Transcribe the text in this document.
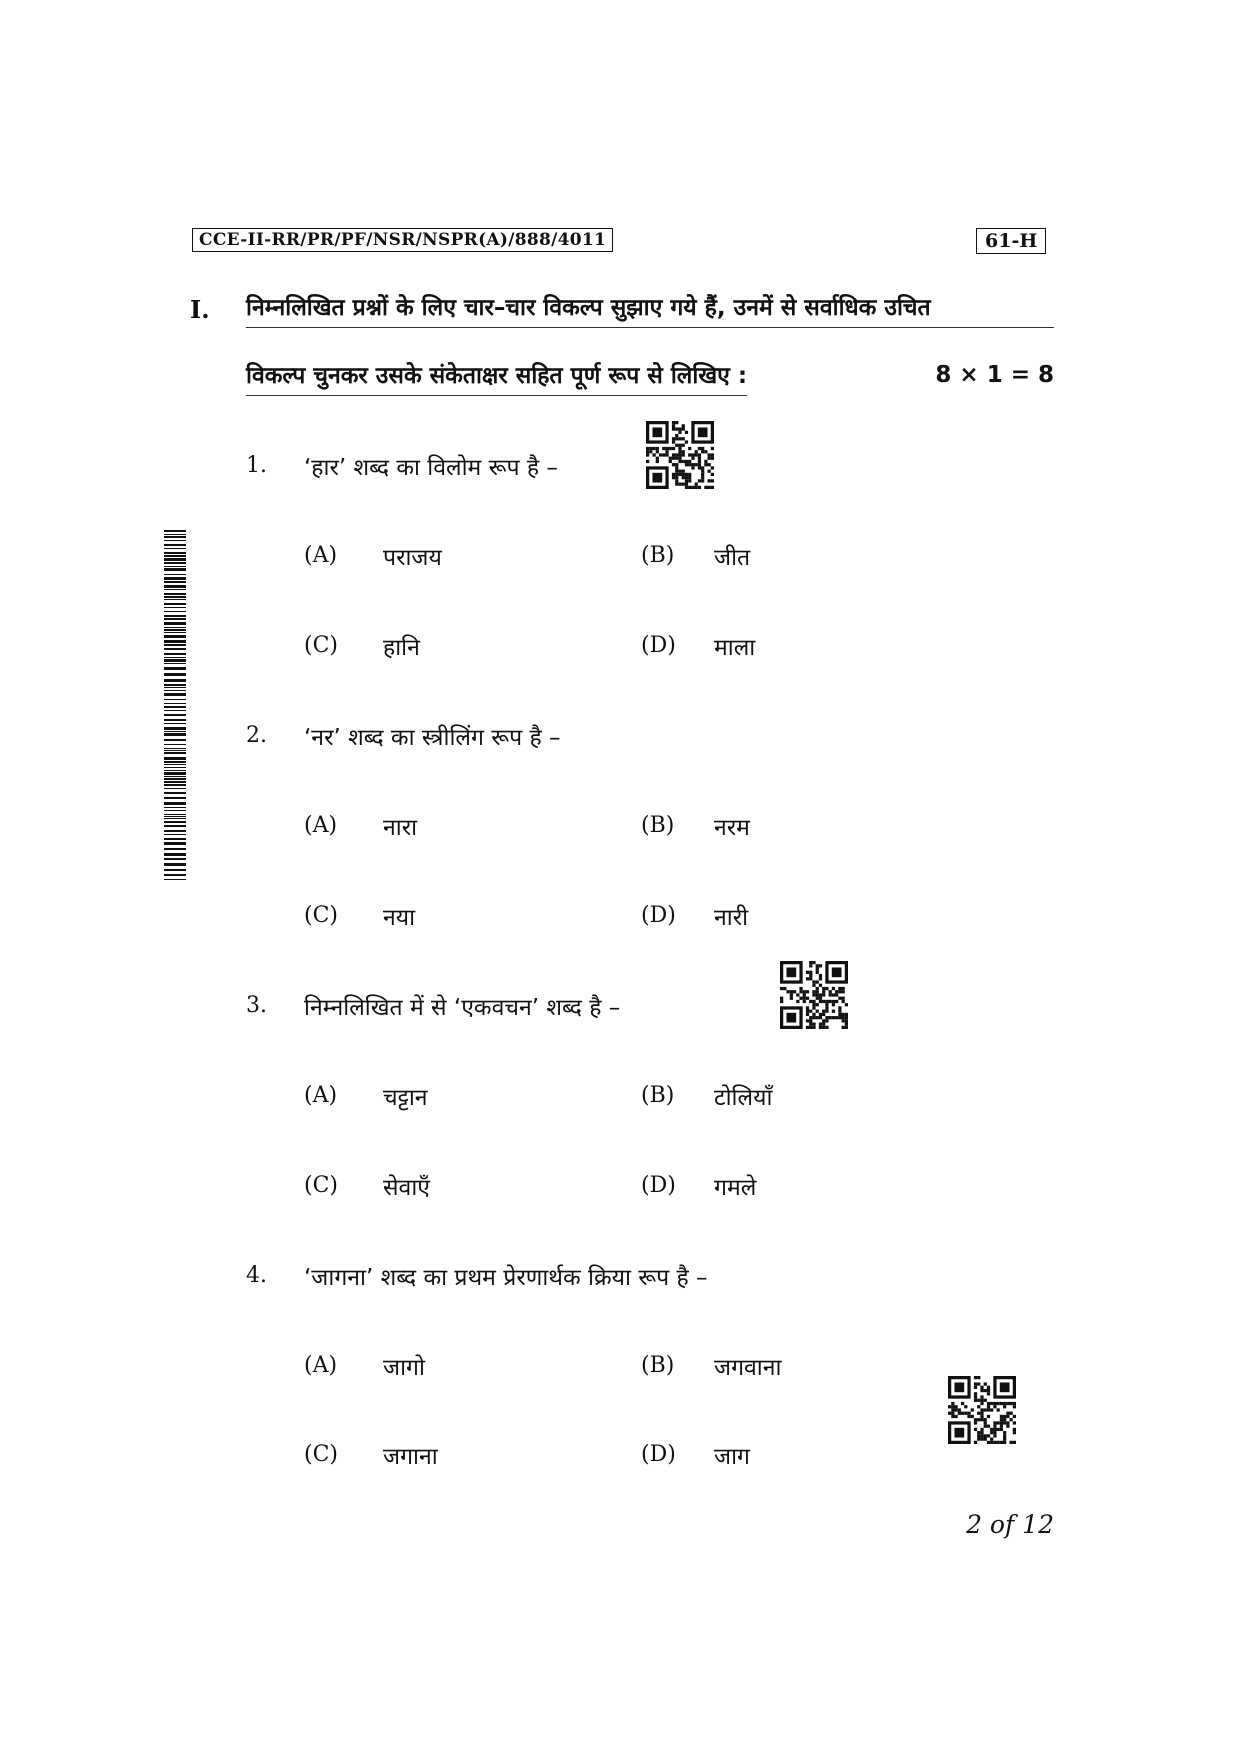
CCE-II-RR/PR/PF/NSR/NSPR(A)/888/4011	61-H
I. निम्नलिखित प्रश्नों के लिए चार–चार विकल्प सुझाए गये हैं, उनमें से सर्वाधिक उचित
विकल्प चुनकर उसके संकेताक्षर सहित पूर्ण रूप से लिखिए :	8 × 1 = 8
1. ‘हार’ शब्द का विलोम रूप है –
(A) पराजय	(B) जीत
(C) हानि	(D) माला
2. ‘नर’ शब्द का स्त्रीलिंग रूप है –
(A) नारा	(B) नरम
(C) नया	(D) नारी
3. निम्नलिखित में से ‘एकवचन’ शब्द है –
(A) चट्टान	(B) टोलियाँ
(C) सेवाएँ	(D) गमले
4. ‘जागना’ शब्द का प्रथम प्रेरणार्थक क्रिया रूप है –
(A) जागो	(B) जगवाना
(C) जगाना	(D) जाग
2 of 12
